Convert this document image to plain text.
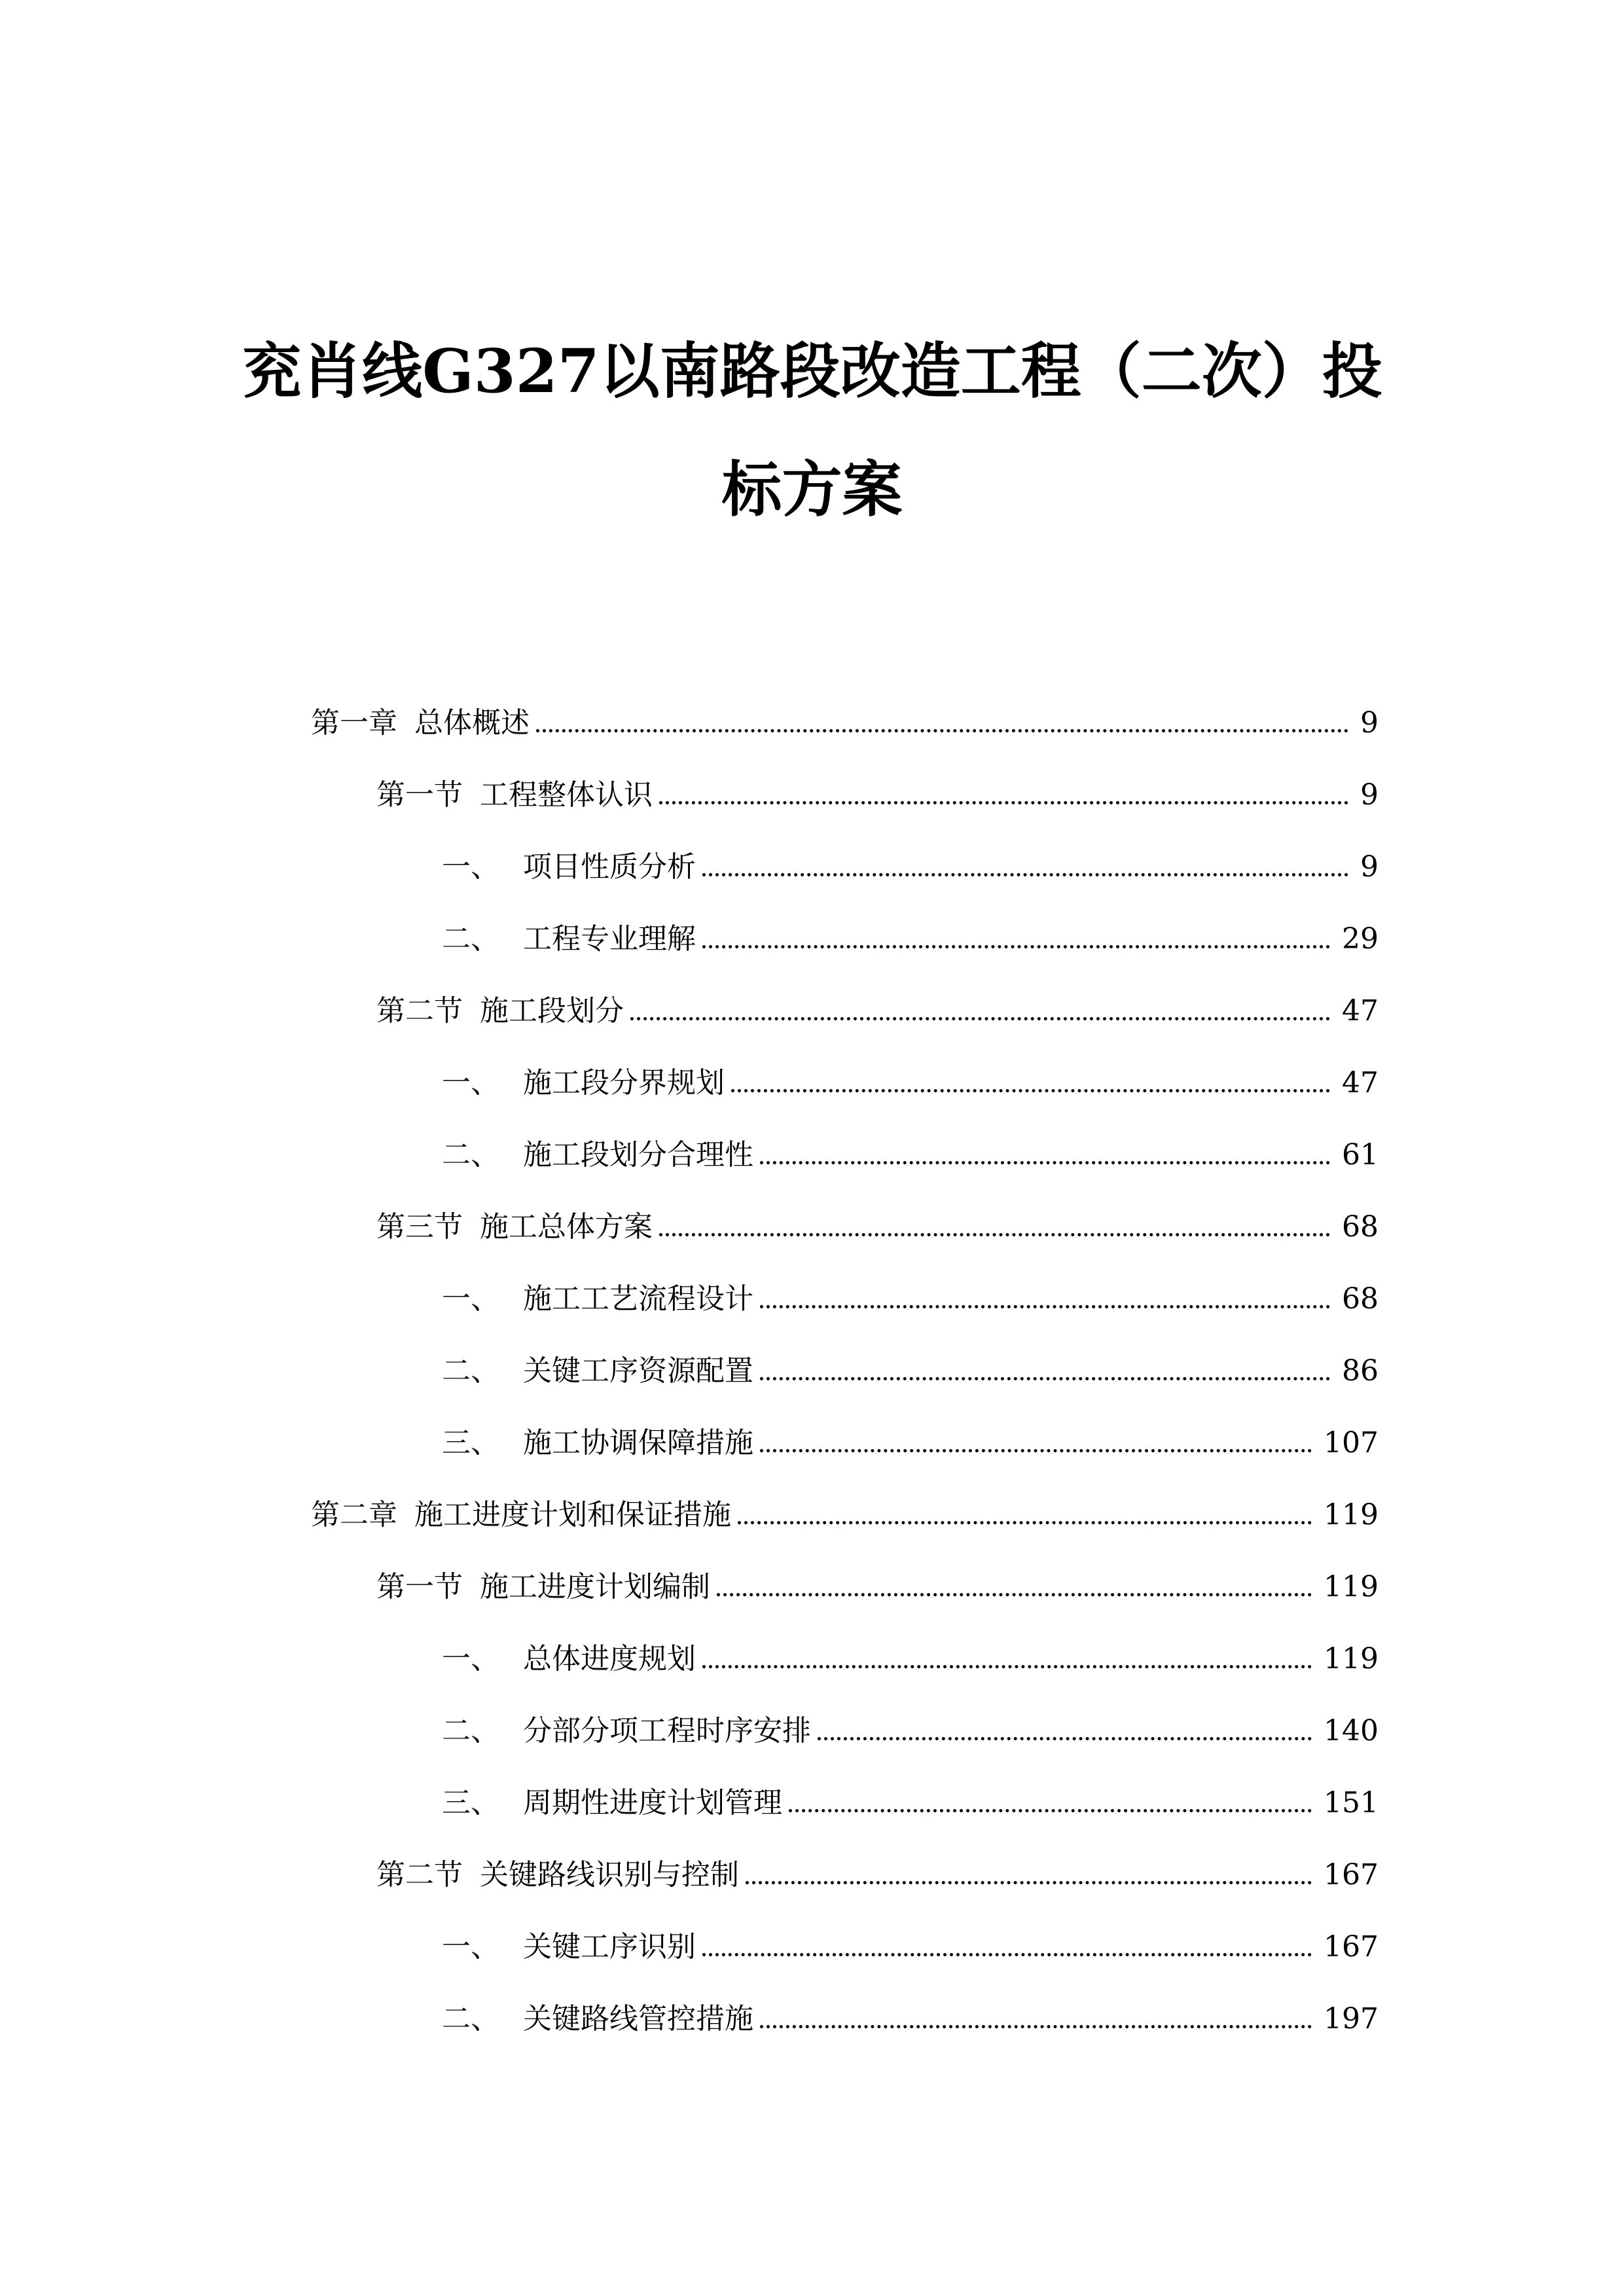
兖肖线G327以南路段改造工程（二次）投
标方案
第一章 总体概述	9
第一节 工程整体认识	9
一、 项目性质分析	9
二、 工程专业理解	29
第二节 施工段划分	47
一、 施工段分界规划	47
二、 施工段划分合理性	61
第三节 施工总体方案	68
一、 施工工艺流程设计	68
二、 关键工序资源配置	86
三、 施工协调保障措施	107
第二章 施工进度计划和保证措施	119
第一节 施工进度计划编制	119
一、 总体进度规划	119
二、 分部分项工程时序安排	140
三、 周期性进度计划管理	151
第二节 关键路线识别与控制	167
一、 关键工序识别	167
二、 关键路线管控措施	197
